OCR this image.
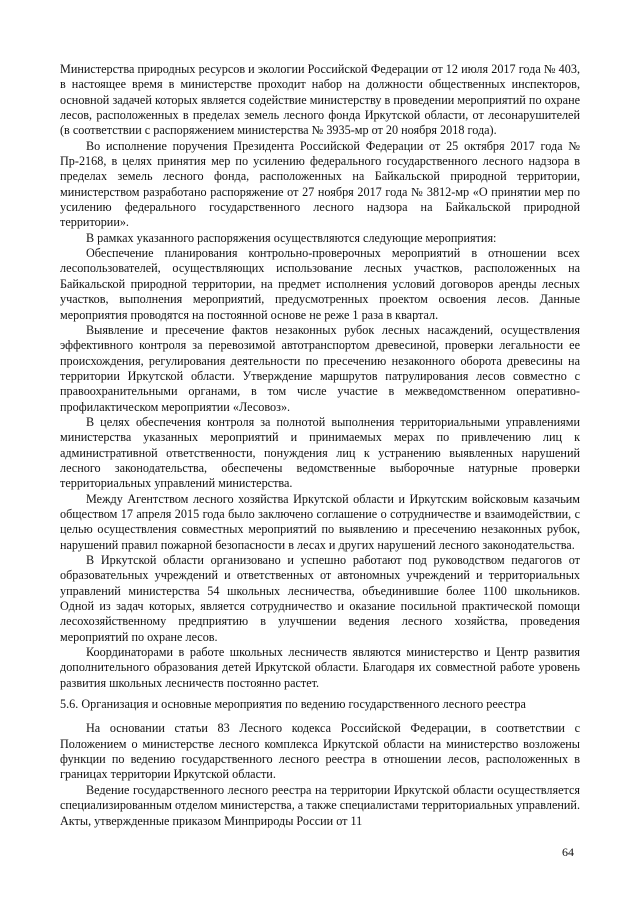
Министерства природных ресурсов и экологии Российской Федерации от 12 июля 2017 года № 403, в настоящее время в министерстве проходит набор на должности общественных инспекторов, основной задачей которых является содействие министерству в проведении мероприятий по охране лесов, расположенных в пределах земель лесного фонда Иркутской области, от лесонарушителей (в соответствии с распоряжением министерства № 3935-мр от 20 ноября 2018 года).

Во исполнение поручения Президента Российской Федерации от 25 октября 2017 года № Пр-2168, в целях принятия мер по усилению федерального государственного лесного надзора в пределах земель лесного фонда, расположенных на Байкальской природной территории, министерством разработано распоряжение от 27 ноября 2017 года № 3812-мр «О принятии мер по усилению федерального государственного лесного надзора на Байкальской природной территории».

В рамках указанного распоряжения осуществляются следующие мероприятия:

Обеспечение планирования контрольно-проверочных мероприятий в отношении всех лесопользователей, осуществляющих использование лесных участков, расположенных на Байкальской природной территории, на предмет исполнения условий договоров аренды лесных участков, выполнения мероприятий, предусмотренных проектом освоения лесов. Данные мероприятия проводятся на постоянной основе не реже 1 раза в квартал.

Выявление и пресечение фактов незаконных рубок лесных насаждений, осуществления эффективного контроля за перевозимой автотранспортом древесиной, проверки легальности ее происхождения, регулирования деятельности по пресечению незаконного оборота древесины на территории Иркутской области. Утверждение маршрутов патрулирования лесов совместно с правоохранительными органами, в том числе участие в межведомственном оперативно-профилактическом мероприятии «Лесовоз».

В целях обеспечения контроля за полнотой выполнения территориальными управлениями министерства указанных мероприятий и принимаемых мерах по привлечению лиц к административной ответственности, понуждения лиц к устранению выявленных нарушений лесного законодательства, обеспечены ведомственные выборочные натурные проверки территориальных управлений министерства.

Между Агентством лесного хозяйства Иркутской области и Иркутским войсковым казачьим обществом 17 апреля 2015 года было заключено соглашение о сотрудничестве и взаимодействии, с целью осуществления совместных мероприятий по выявлению и пресечению незаконных рубок, нарушений правил пожарной безопасности в лесах и других нарушений лесного законодательства.

В Иркутской области организовано и успешно работают под руководством педагогов от образовательных учреждений и ответственных от автономных учреждений и территориальных управлений министерства 54 школьных лесничества, объединившие более 1100 школьников. Одной из задач которых, является сотрудничество и оказание посильной практической помощи лесохозяйственному предприятию в улучшении ведения лесного хозяйства, проведения мероприятий по охране лесов.

Координаторами в работе школьных лесничеств являются министерство и Центр развития дополнительного образования детей Иркутской области. Благодаря их совместной работе уровень развития школьных лесничеств постоянно растет.

5.6. Организация и основные мероприятия по ведению государственного лесного реестра

На основании статьи 83 Лесного кодекса Российской Федерации, в соответствии с Положением о министерстве лесного комплекса Иркутской области на министерство возложены функции по ведению государственного лесного реестра в отношении лесов, расположенных в границах территории Иркутской области.

Ведение государственного лесного реестра на территории Иркутской области осуществляется специализированным отделом министерства, а также специалистами территориальных управлений. Акты, утвержденные приказом Минприроды России от 11

64
